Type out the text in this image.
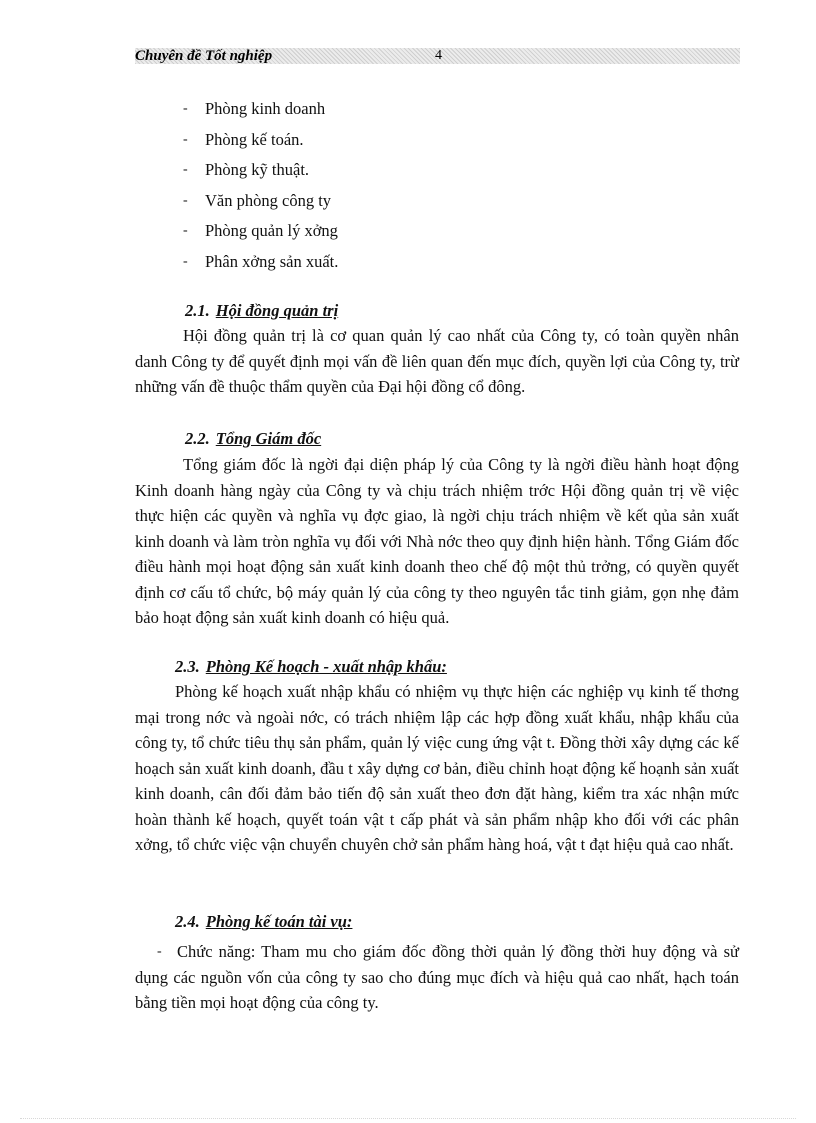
Chuyên đề Tốt nghiệp	4
- Phòng kinh doanh
- Phòng kế toán.
- Phòng kỹ thuật.
- Văn phòng công ty
- Phòng quản lý xởng
- Phân xởng sản xuất.
2.1. Hội đồng quản trị
Hội đồng quản trị là cơ quan quản lý cao nhất của Công ty, có toàn quyền nhân danh Công ty để quyết định mọi vấn đề liên quan đến mục đích, quyền lợi của Công ty, trừ những vấn đề thuộc thẩm quyền của Đại hội đồng cổ đông.
2.2. Tổng Giám đốc
Tổng giám đốc là ngời đại diện pháp lý của Công ty là ngời điều hành hoạt động Kinh doanh hàng ngày của Công ty và chịu trách nhiệm trớc Hội đồng quản trị về việc thực hiện các quyền và nghĩa vụ đợc giao, là ngời chịu trách nhiệm về kết qủa sản xuất kinh doanh và làm tròn nghĩa vụ đối với Nhà nớc theo quy định hiện hành. Tổng Giám đốc điều hành mọi hoạt động sản xuất kinh doanh theo chế độ một thủ trởng, có quyền quyết định cơ cấu tổ chức, bộ máy quản lý của công ty theo nguyên tắc tinh giảm, gọn nhẹ đảm bảo hoạt động sản xuất kinh doanh có hiệu quả.
2.3. Phòng Kế hoạch - xuất nhập khẩu:
Phòng kế hoạch xuất nhập khẩu có nhiệm vụ thực hiện các nghiệp vụ kinh tế thơng mại trong nớc và ngoài nớc, có trách nhiệm lập các hợp đồng xuất khẩu, nhập khẩu của công ty, tổ chức tiêu thụ sản phẩm, quản lý việc cung ứng vật t. Đồng thời xây dựng các kế hoạch sản xuất kinh doanh, đầu t xây dựng cơ bản, điều chỉnh hoạt động kế hoạnh sản xuất kinh doanh, cân đối đảm bảo tiến độ sản xuất theo đơn đặt hàng, kiểm tra xác nhận mức hoàn thành kế hoạch, quyết toán vật t cấp phát và sản phẩm nhập kho đối với các phân xởng, tổ chức việc vận chuyển chuyên chở sản phẩm hàng hoá, vật t đạt hiệu quả cao nhất.
2.4. Phòng kế toán tài vụ:
- Chức năng: Tham mu cho giám đốc đồng thời quản lý đồng thời huy động và sử dụng các nguồn vốn của công ty sao cho đúng mục đích và hiệu quả cao nhất, hạch toán bằng tiền mọi hoạt động của công ty.
